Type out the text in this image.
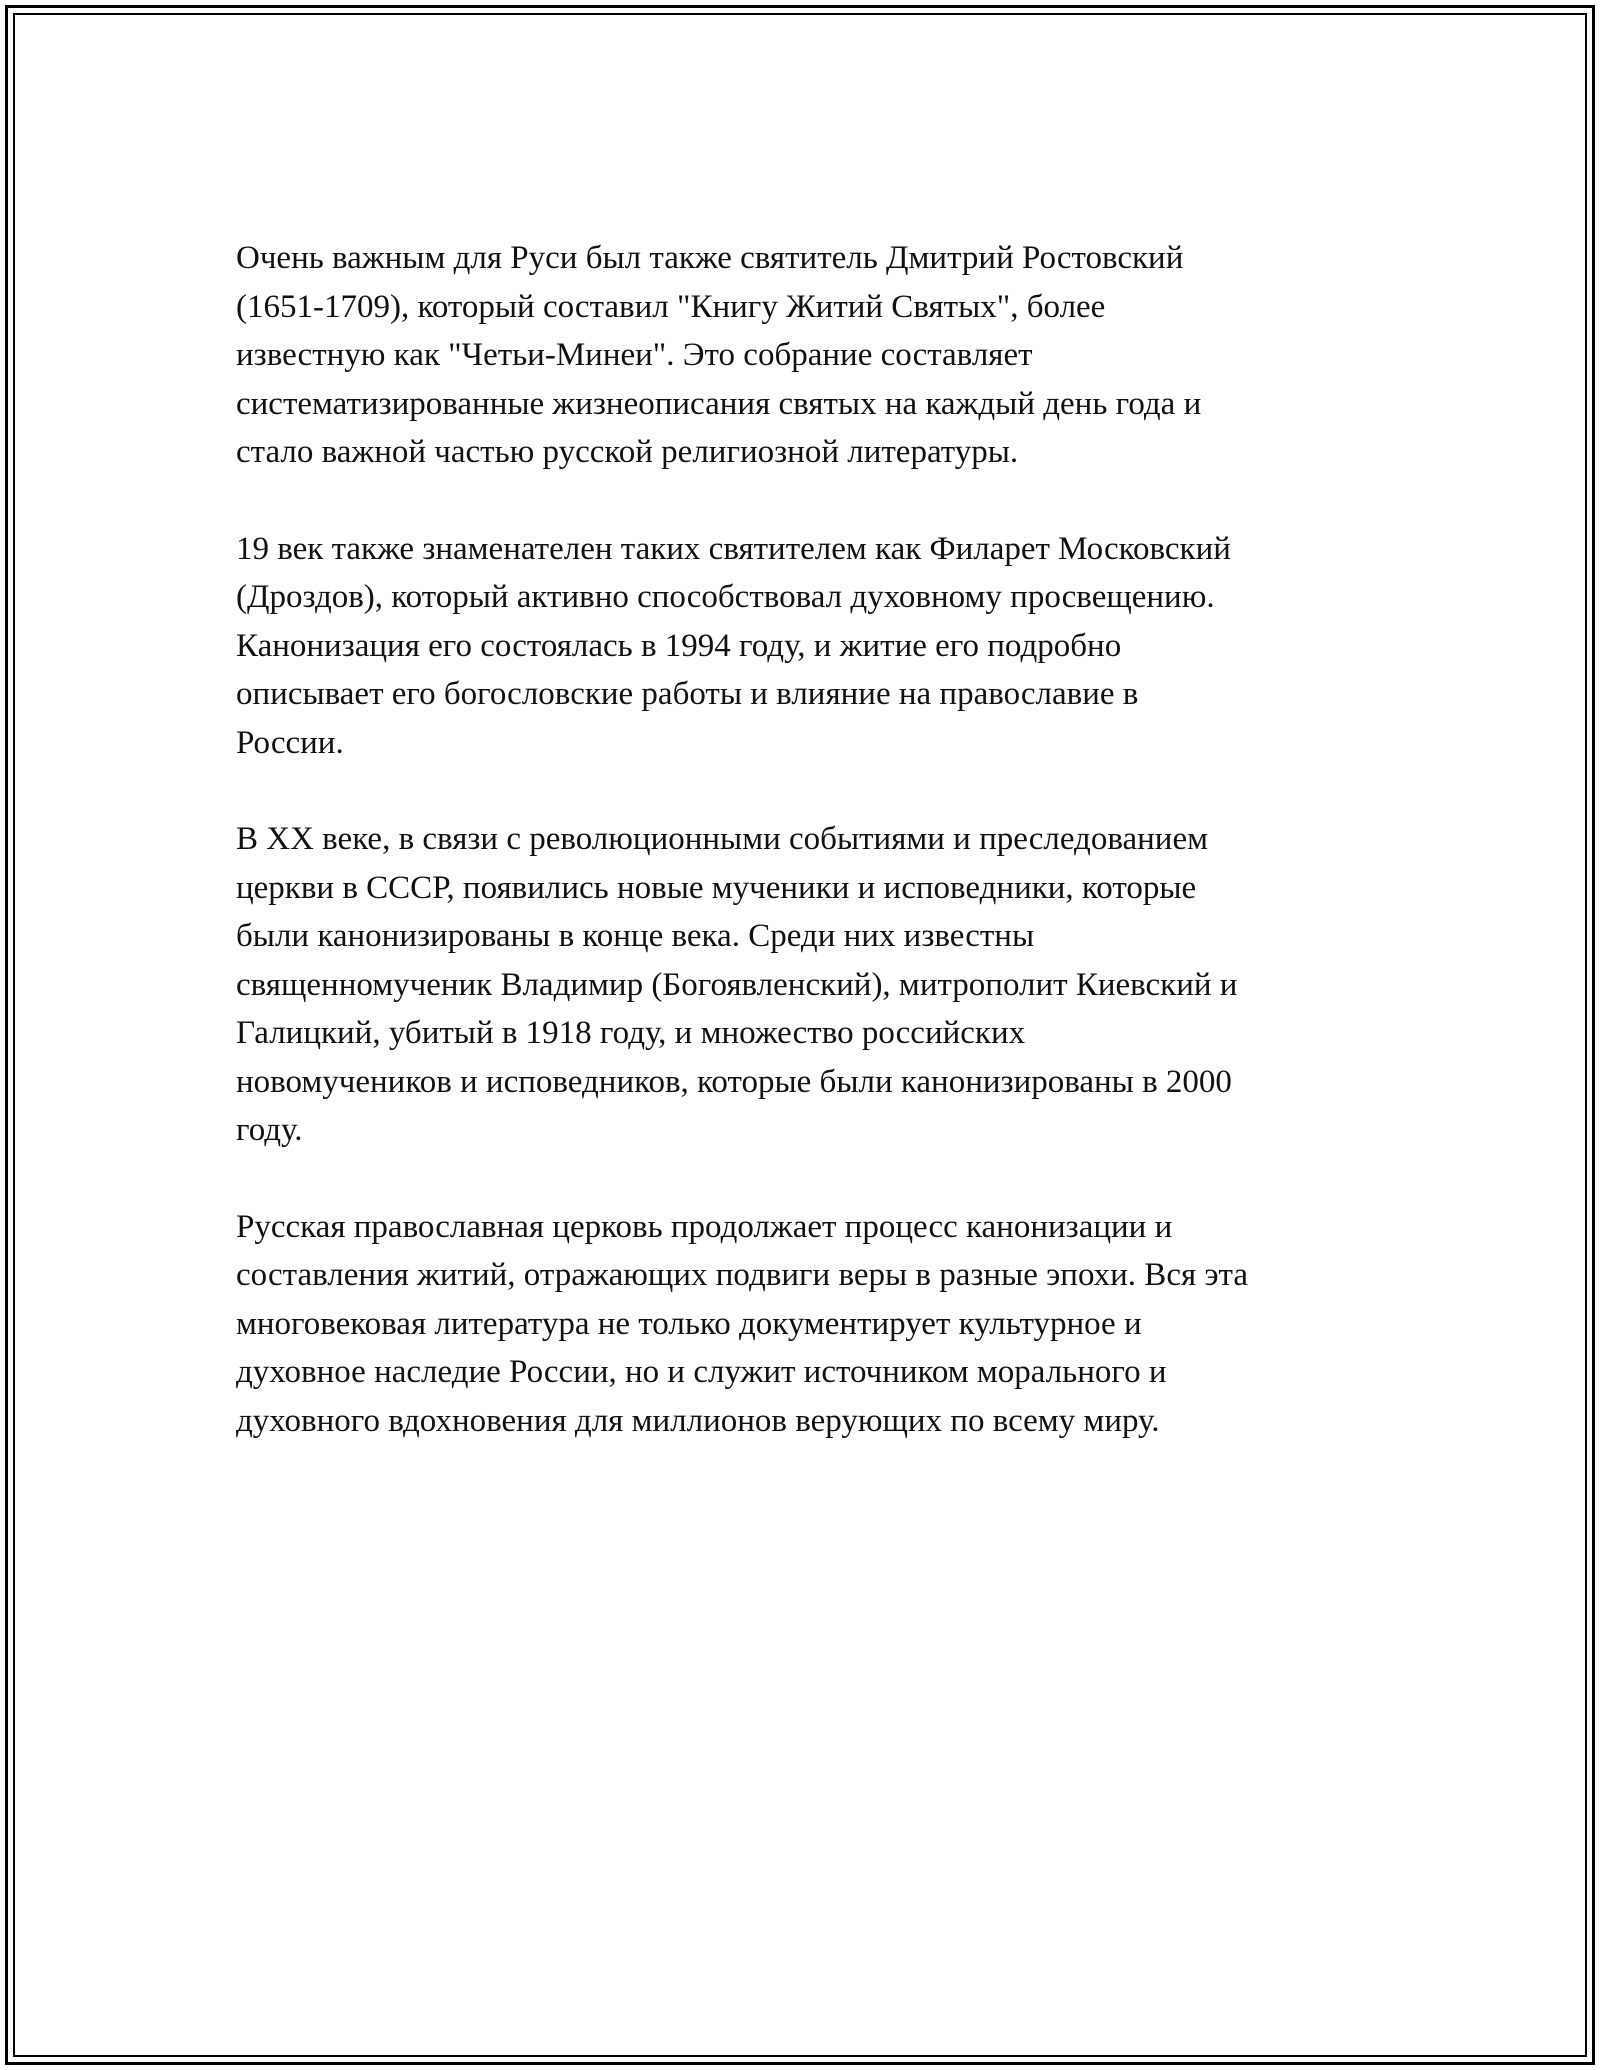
Очень важным для Руси был также святитель Дмитрий Ростовский
(1651-1709), который составил "Книгу Житий Святых", более
известную как "Четьи-Минеи". Это собрание составляет
систематизированные жизнеописания святых на каждый день года и
стало важной частью русской религиозной литературы.

19 век также знаменателен таких святителем как Филарет Московский
(Дроздов), который активно способствовал духовному просвещению.
Канонизация его состоялась в 1994 году, и житие его подробно
описывает его богословские работы и влияние на православие в
России.

В XX веке, в связи с революционными событиями и преследованием
церкви в СССР, появились новые мученики и исповедники, которые
были канонизированы в конце века. Среди них известны
священномученик Владимир (Богоявленский), митрополит Киевский и
Галицкий, убитый в 1918 году, и множество российских
новомучеников и исповедников, которые были канонизированы в 2000
году.

Русская православная церковь продолжает процесс канонизации и
составления житий, отражающих подвиги веры в разные эпохи. Вся эта
многовековая литература не только документирует культурное и
духовное наследие России, но и служит источником морального и
духовного вдохновения для миллионов верующих по всему миру.
